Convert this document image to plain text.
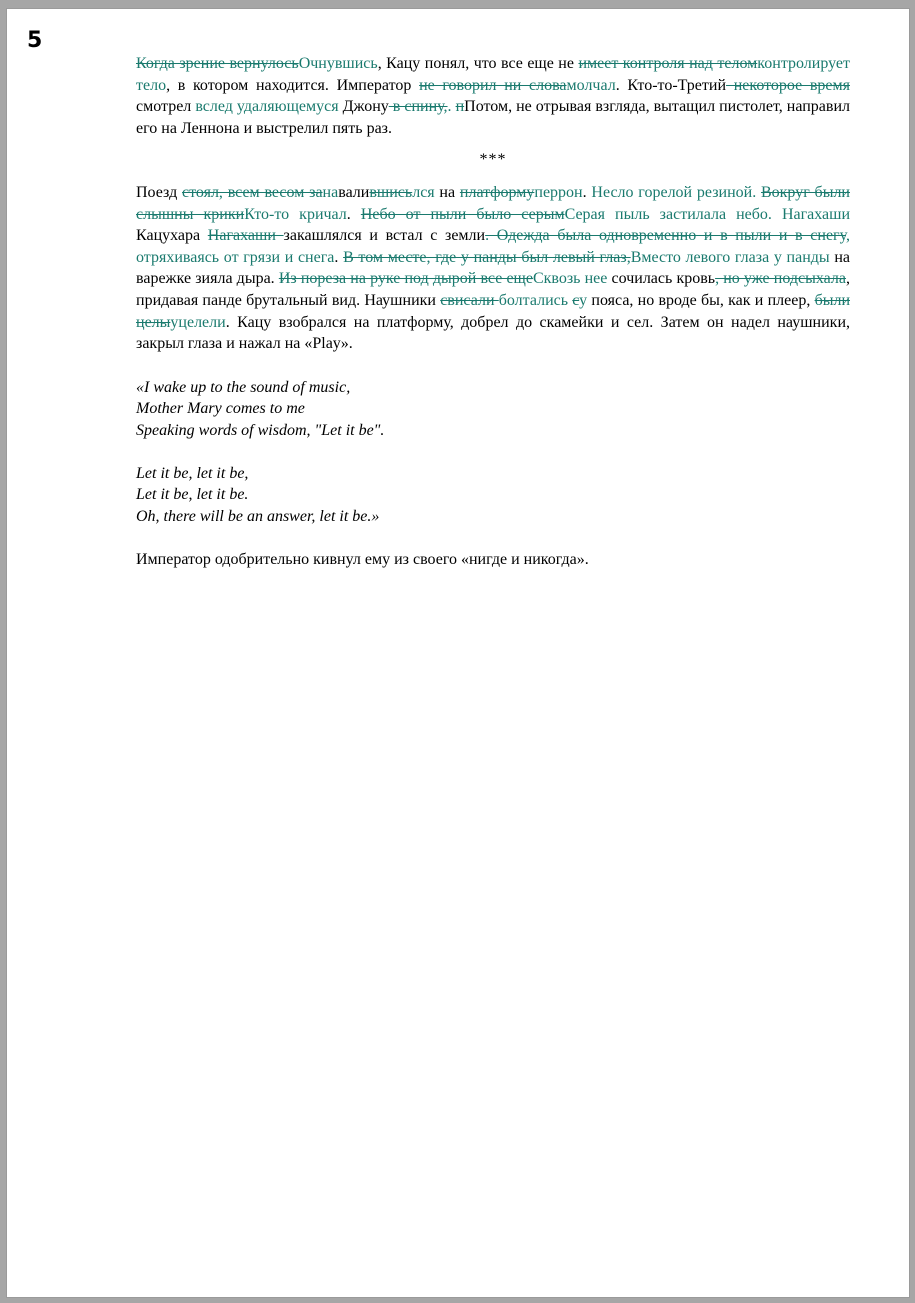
5

Когда зрение вернулосьОчнувшись, Кацу понял, что все еще не имеет контроля над теломконтролирует тело, в котором находится. Император не говорил ни словамолчал. Кто-то-Третий некоторое время смотрел вслед удаляющемуся Джону в спину,. пПотом, не отрывая взгляда, вытащил пистолет, направил его на Леннона и выстрелил пять раз.

***

Поезд стоял, всем весом занавалившисьлся на платформуперрон. Несло горелой резиной. Вокруг были слышны крикиКто-то кричал. Небо от пыли было серымСерая пыль застилала небо. Нагахаши Кацухара Нагахаши закашлялся и встал с земли. Одежда была одновременно и в пыли и в снегу, отряхиваясь от грязи и снега. В том месте, где у панды был левый глаз,Вместо левого глаза у панды на варежке зияла дыра. Из пореза на руке под дырой все ещеСквозь нее сочилась кровь, но уже подсыхала, придавая панде брутальный вид. Наушники свисали болтались су пояса, но вроде бы, как и плеер, были целыуцелели. Кацу взобрался на платформу, добрел до скамейки и сел. Затем он надел наушники, закрыл глаза и нажал на «Play».

«I wake up to the sound of music,
Mother Mary comes to me
Speaking words of wisdom, "Let it be".
Let it be, let it be,
Let it be, let it be.
Oh, there will be an answer, let it be.»

Император одобрительно кивнул ему из своего «нигде и никогда».
